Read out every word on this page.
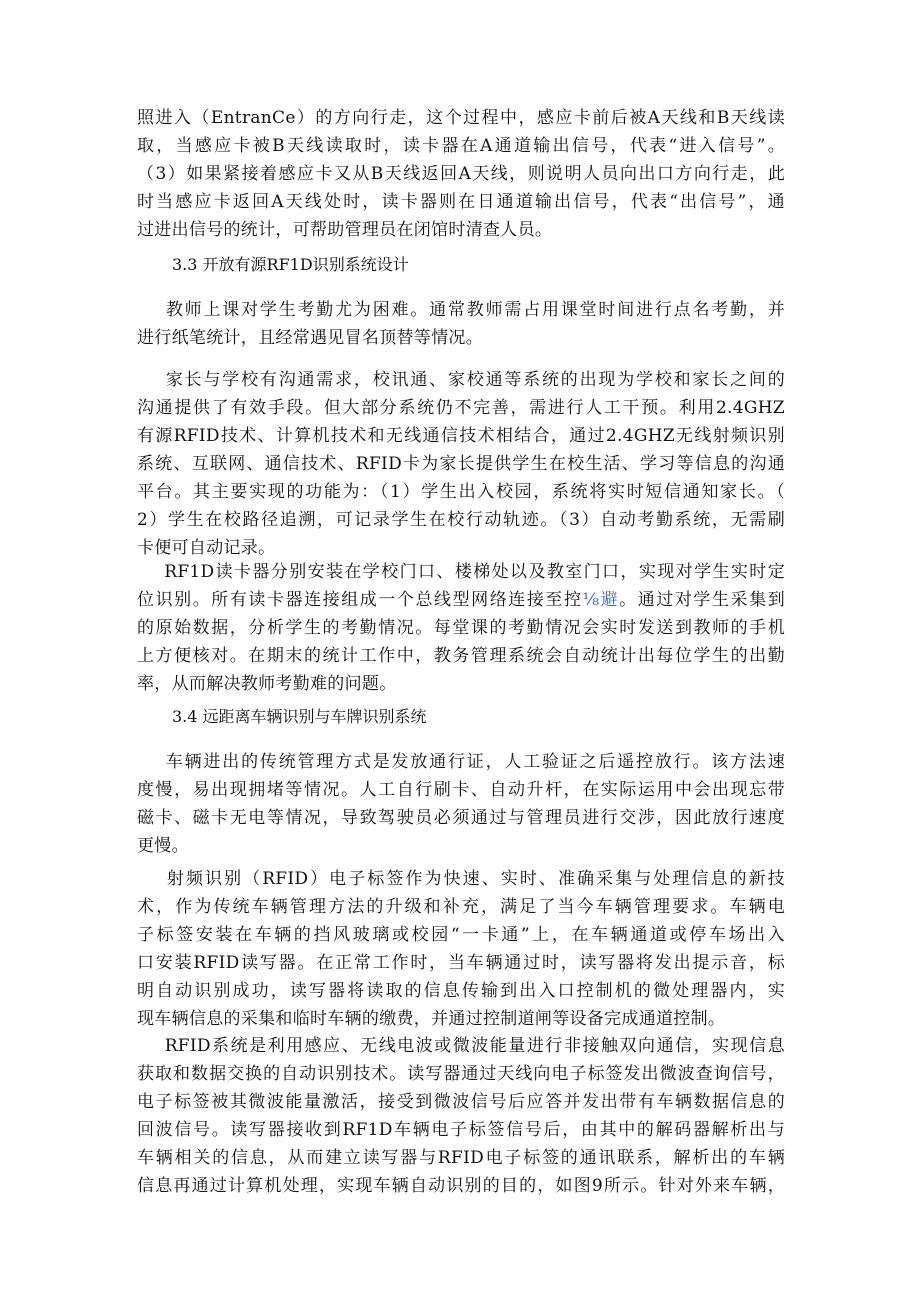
照进入（EntranCe）的方向行走，这个过程中，感应卡前后被A天线和B天线读
取，当感应卡被B天线读取时，读卡器在A通道输出信号，代表“进入信号”。
（3）如果紧接着感应卡又从B天线返回A天线，则说明人员向出口方向行走，此
时当感应卡返回A天线处时，读卡器则在日通道输出信号，代表“出信号”，通
过进出信号的统计，可帮助管理员在闭馆时清查人员。
3.3 开放有源RF1D识别系统设计
教师上课对学生考勤尤为困难。通常教师需占用课堂时间进行点名考勤，并
进行纸笔统计，且经常遇见冒名顶替等情况。
家长与学校有沟通需求，校讯通、家校通等系统的出现为学校和家长之间的
沟通提供了有效手段。但大部分系统仍不完善，需进行人工干预。利用2.4GHZ
有源RFID技术、计算机技术和无线通信技术相结合，通过2.4GHZ无线射频识别
系统、互联网、通信技术、RFID卡为家长提供学生在校生活、学习等信息的沟通
平台。其主要实现的功能为：（1）学生出入校园，系统将实时短信通知家长。（
2）学生在校路径追溯，可记录学生在校行动轨迹。（3）自动考勤系统，无需刷
卡便可自动记录。
RF1D读卡器分别安装在学校门口、楼梯处以及教室门口，实现对学生实时定
位识别。所有读卡器连接组成一个总线型网络连接至控⅛避。通过对学生采集到
的原始数据，分析学生的考勤情况。每堂课的考勤情况会实时发送到教师的手机
上方便核对。在期末的统计工作中，教务管理系统会自动统计出每位学生的出勤
率，从而解决教师考勤难的问题。
3.4 远距离车辆识别与车牌识别系统
车辆进出的传统管理方式是发放通行证，人工验证之后遥控放行。该方法速
度慢，易出现拥堵等情况。人工自行刷卡、自动升杆，在实际运用中会出现忘带
磁卡、磁卡无电等情况，导致驾驶员必须通过与管理员进行交涉，因此放行速度
更慢。
射频识别（RFID）电子标签作为快速、实时、准确采集与处理信息的新技
术，作为传统车辆管理方法的升级和补充，满足了当今车辆管理要求。车辆电
子标签安装在车辆的挡风玻璃或校园“一卡通”上，在车辆通道或停车场出入
口安装RFID读写器。在正常工作时，当车辆通过时，读写器将发出提示音，标
明自动识别成功，读写器将读取的信息传输到出入口控制机的微处理器内，实
现车辆信息的采集和临时车辆的缴费，并通过控制道闸等设备完成通道控制。
RFID系统是利用感应、无线电波或微波能量进行非接触双向通信，实现信息
获取和数据交换的自动识别技术。读写器通过天线向电子标签发出微波查询信号，
电子标签被其微波能量激活，接受到微波信号后应答并发出带有车辆数据信息的
回波信号。读写器接收到RF1D车辆电子标签信号后，由其中的解码器解析出与
车辆相关的信息，从而建立读写器与RFID电子标签的通讯联系，解析出的车辆
信息再通过计算机处理，实现车辆自动识别的目的，如图9所示。针对外来车辆，
